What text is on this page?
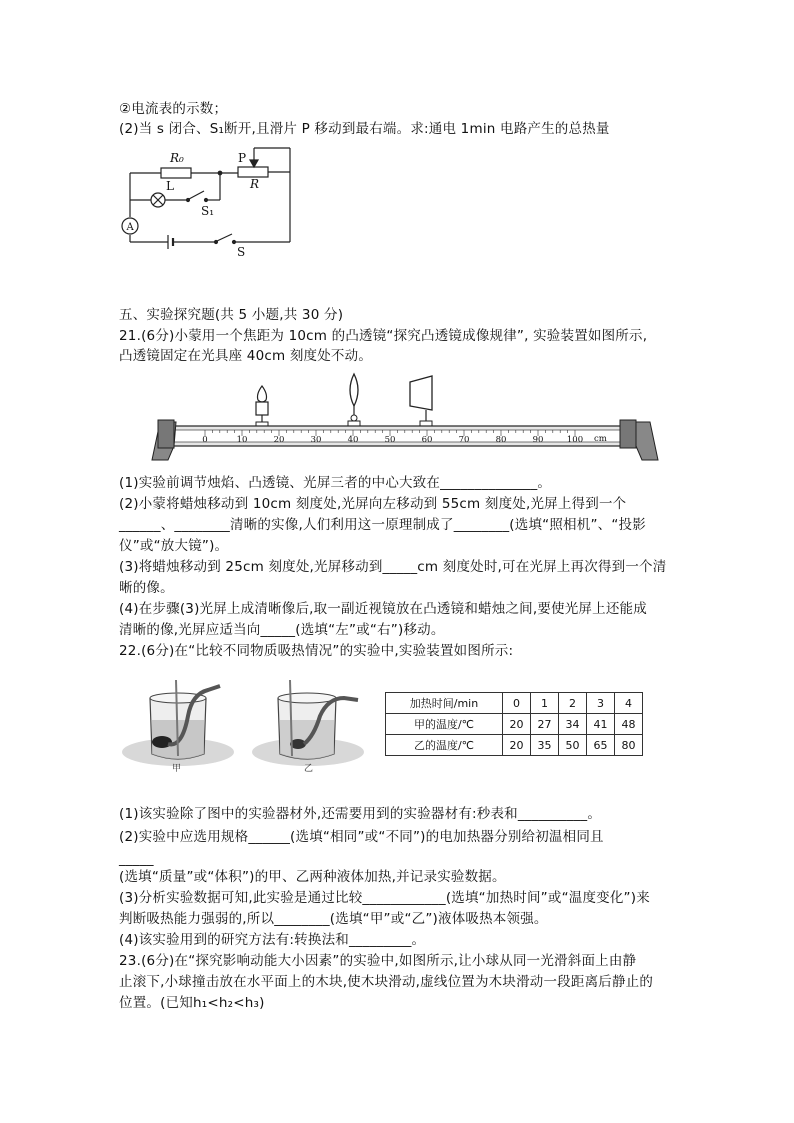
②电流表的示数；
(2)当 s 闭合、S₁断开,且滑片 P 移动到最右端。求:通电 1min 电路产生的总热量
R₀	P
R
L
S₁
A
S
五、实验探究题(共 5 小题,共 30 分)
21.(6分)小蒙用一个焦距为 10cm 的凸透镜“探究凸透镜成像规律”, 实验装置如图所示,
凸透镜固定在光具座 40cm 刻度处不动。
0	10	20	30	40	50	60	70	80	90	100 cm
(1)实验前调节烛焰、凸透镜、光屏三者的中心大致在______________。
(2)小蒙将蜡烛移动到 10cm 刻度处,光屏向左移动到 55cm 刻度处,光屏上得到一个
______、________清晰的实像,人们利用这一原理制成了________(选填“照相机”、“投影
仪”或“放大镜”)。
(3)将蜡烛移动到 25cm 刻度处,光屏移动到_____cm 刻度处时,可在光屏上再次得到一个清
晰的像。
(4)在步骤(3)光屏上成清晰像后,取一副近视镜放在凸透镜和蜡烛之间,要使光屏上还能成
清晰的像,光屏应适当向_____(选填“左”或“右”)移动。
22.(6分)在“比较不同物质吸热情况”的实验中,实验装置如图所示:
甲	乙
加热时间/min	0	1	2	3	4
甲的温度/℃	20	27	34	41	48
乙的温度/℃	20	35	50	65	80
(1)该实验除了图中的实验器材外,还需要用到的实验器材有:秒表和__________。
(2)实验中应选用规格______(选填“相同”或“不同”)的电加热器分别给初温相同且
_____
(选填“质量”或“体积”)的甲、乙两种液体加热,并记录实验数据。
(3)分析实验数据可知,此实验是通过比较____________(选填“加热时间”或“温度变化”)来
判断吸热能力强弱的,所以________(选填“甲”或“乙”)液体吸热本领强。
(4)该实验用到的研究方法有:转换法和_________。
23.(6分)在“探究影响动能大小因素”的实验中,如图所示,让小球从同一光滑斜面上由静
止滚下,小球撞击放在水平面上的木块,使木块滑动,虚线位置为木块滑动一段距离后静止的
位置。(已知h₁<h₂<h₃)
